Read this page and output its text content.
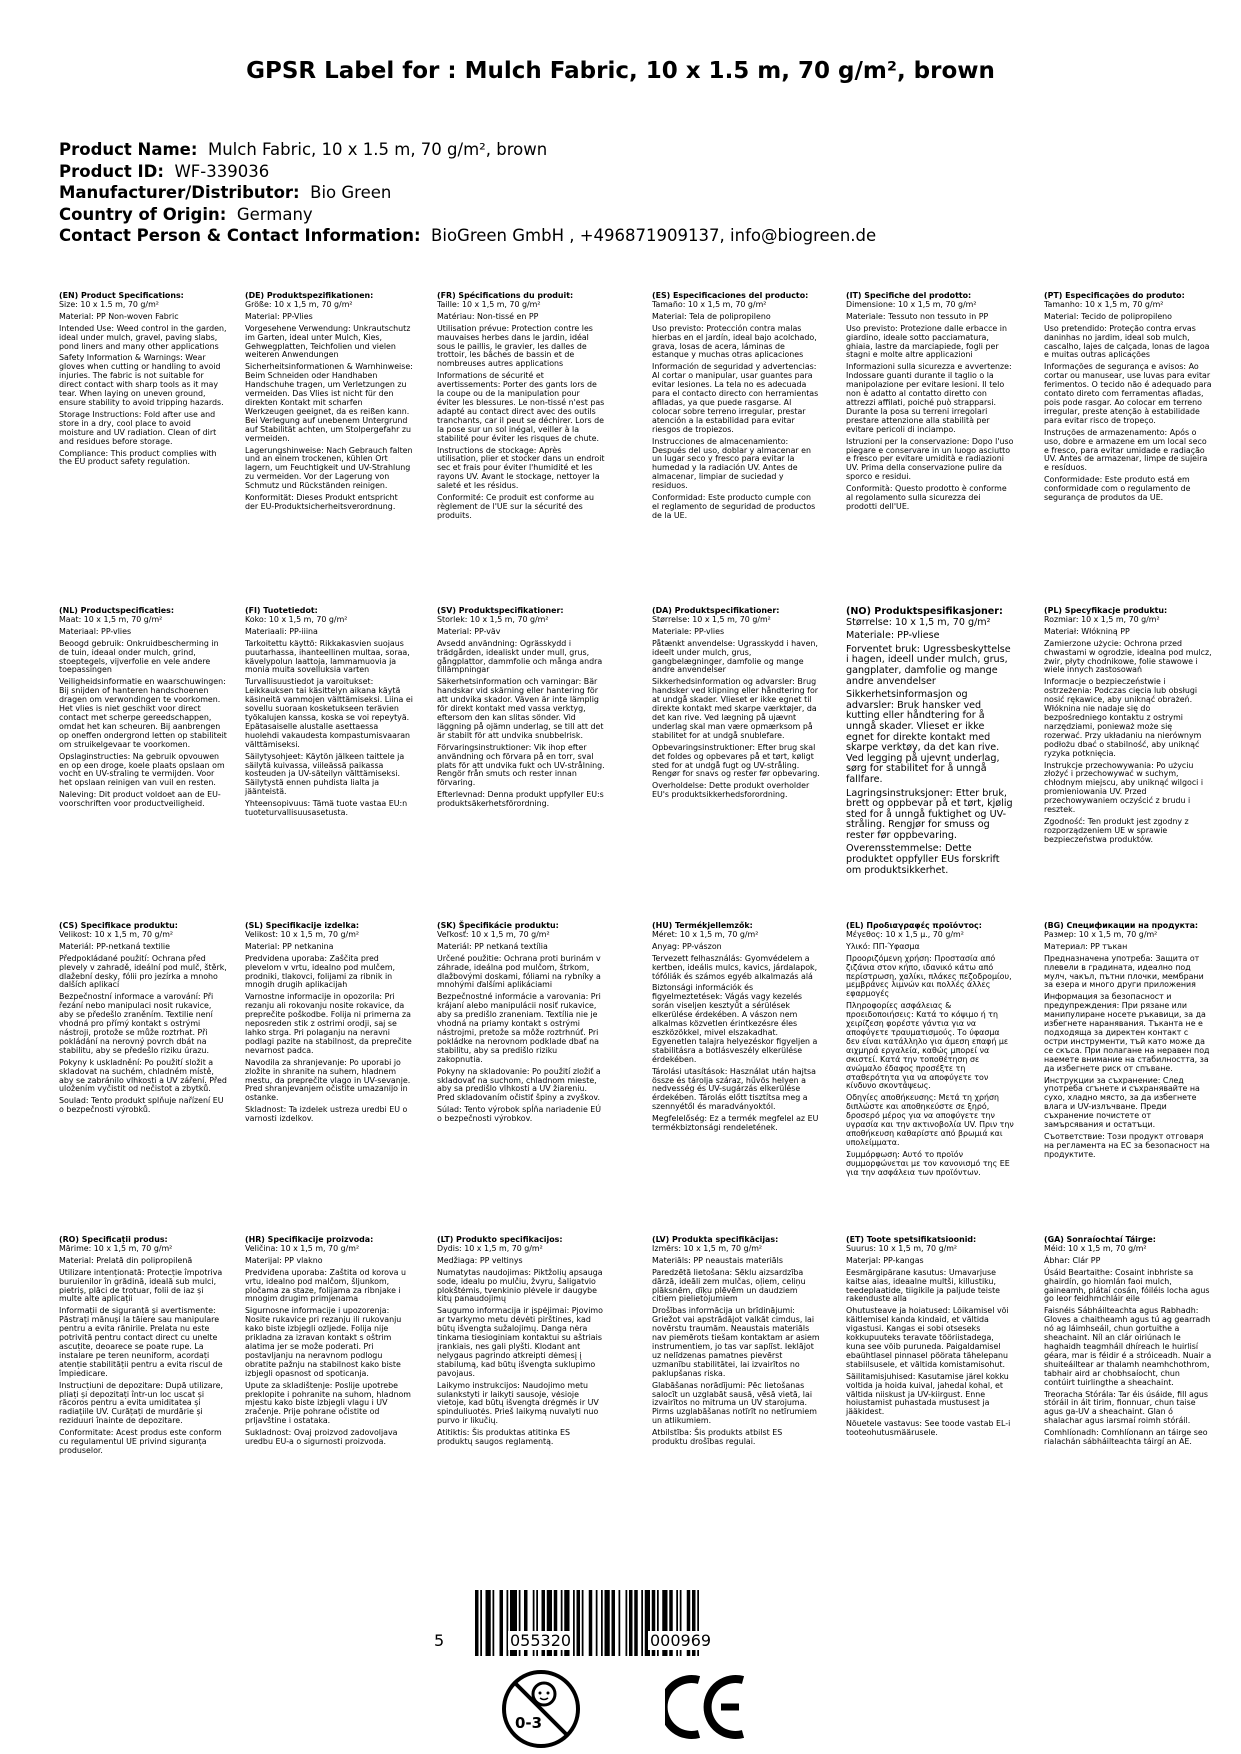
GPSR Label for : Mulch Fabric, 10 x 1.5 m, 70 g/m², brown
Product Name: Mulch Fabric, 10 x 1.5 m, 70 g/m², brown
Product ID: WF-339036
Manufacturer/Distributor: Bio Green
Country of Origin: Germany
Contact Person & Contact Information: BioGreen GmbH , +496871909137, info@biogreen.de

(EN) Product Specifications:

Size: 10 x 1.5 m, 70 g/m²

Material: PP Non-woven Fabric

Intended Use: Weed control in the garden, ideal under mulch, gravel, paving slabs, pond liners and many other applications

Safety Information & Warnings: Wear gloves when cutting or handling to avoid injuries. The fabric is not suitable for direct contact with sharp tools as it may tear. When laying on uneven ground, ensure stability to avoid tripping hazards.

Storage Instructions: Fold after use and store in a dry, cool place to avoid moisture and UV radiation. Clean of dirt and residues before storage.

Compliance: This product complies with the EU product safety regulation.

(DE) Produktspezifikationen:

Größe: 10 x 1,5 m, 70 g/m²

Material: PP-Vlies

Vorgesehene Verwendung: Unkrautschutz im Garten, ideal unter Mulch, Kies, Gehwegplatten, Teichfolien und vielen weiteren Anwendungen

Sicherheitsinformationen & Warnhinweise: Beim Schneiden oder Handhaben Handschuhe tragen, um Verletzungen zu vermeiden. Das Vlies ist nicht für den direkten Kontakt mit scharfen Werkzeugen geeignet, da es reißen kann. Bei Verlegung auf unebenem Untergrund auf Stabilität achten, um Stolpergefahr zu vermeiden.

Lagerungshinweise: Nach Gebrauch falten und an einem trockenen, kühlen Ort lagern, um Feuchtigkeit und UV-Strahlung zu vermeiden. Vor der Lagerung von Schmutz und Rückständen reinigen.

Konformität: Dieses Produkt entspricht der EU-Produktsicherheitsverordnung.

(FR) Spécifications du produit:

Taille: 10 x 1,5 m, 70 g/m²

Matériau: Non-tissé en PP

Utilisation prévue: Protection contre les mauvaises herbes dans le jardin, idéal sous le paillis, le gravier, les dalles de trottoir, les bâches de bassin et de nombreuses autres applications

Informations de sécurité et avertissements: Porter des gants lors de la coupe ou de la manipulation pour éviter les blessures. Le non-tissé n'est pas adapté au contact direct avec des outils tranchants, car il peut se déchirer. Lors de la pose sur un sol inégal, veiller à la stabilité pour éviter les risques de chute.

Instructions de stockage: Après utilisation, plier et stocker dans un endroit sec et frais pour éviter l'humidité et les rayons UV. Avant le stockage, nettoyer la saleté et les résidus.

Conformité: Ce produit est conforme au règlement de l'UE sur la sécurité des produits.

(ES) Especificaciones del producto:

Tamaño: 10 x 1,5 m, 70 g/m²

Material: Tela de polipropileno

Uso previsto: Protección contra malas hierbas en el jardín, ideal bajo acolchado, grava, losas de acera, láminas de estanque y muchas otras aplicaciones

Información de seguridad y advertencias: Al cortar o manipular, usar guantes para evitar lesiones. La tela no es adecuada para el contacto directo con herramientas afiladas, ya que puede rasgarse. Al colocar sobre terreno irregular, prestar atención a la estabilidad para evitar riesgos de tropiezos.

Instrucciones de almacenamiento: Después del uso, doblar y almacenar en un lugar seco y fresco para evitar la humedad y la radiación UV. Antes de almacenar, limpiar de suciedad y residuos.

Conformidad: Este producto cumple con el reglamento de seguridad de productos de la UE.

(IT) Specifiche del prodotto:

Dimensione: 10 x 1,5 m, 70 g/m²

Materiale: Tessuto non tessuto in PP

Uso previsto: Protezione dalle erbacce in giardino, ideale sotto pacciamatura, ghiaia, lastre da marciapiede, fogli per stagni e molte altre applicazioni

Informazioni sulla sicurezza e avvertenze: Indossare guanti durante il taglio o la manipolazione per evitare lesioni. Il telo non è adatto al contatto diretto con attrezzi affilati, poiché può strapparsi. Durante la posa su terreni irregolari prestare attenzione alla stabilità per evitare pericoli di inciampo.

Istruzioni per la conservazione: Dopo l'uso piegare e conservare in un luogo asciutto e fresco per evitare umidità e radiazioni UV. Prima della conservazione pulire da sporco e residui.

Conformità: Questo prodotto è conforme al regolamento sulla sicurezza dei prodotti dell'UE.

(PT) Especificações do produto:

Tamanho: 10 x 1,5 m, 70 g/m²

Material: Tecido de polipropileno

Uso pretendido: Proteção contra ervas daninhas no jardim, ideal sob mulch, cascalho, lajes de calçada, lonas de lagoa e muitas outras aplicações

Informações de segurança e avisos: Ao cortar ou manusear, use luvas para evitar ferimentos. O tecido não é adequado para contato direto com ferramentas afiadas, pois pode rasgar. Ao colocar em terreno irregular, preste atenção à estabilidade para evitar risco de tropeço.

Instruções de armazenamento: Após o uso, dobre e armazene em um local seco e fresco, para evitar umidade e radiação UV. Antes de armazenar, limpe de sujeira e resíduos.

Conformidade: Este produto está em conformidade com o regulamento de segurança de produtos da UE.

(NL) Productspecificaties:

Maat: 10 x 1,5 m, 70 g/m²

Materiaal: PP-vlies

Beoogd gebruik: Onkruidbescherming in de tuin, ideaal onder mulch, grind, stoeptegels, vijverfolie en vele andere toepassingen

Veiligheidsinformatie en waarschuwingen: Bij snijden of hanteren handschoenen dragen om verwondingen te voorkomen. Het vlies is niet geschikt voor direct contact met scherpe gereedschappen, omdat het kan scheuren. Bij aanbrengen op oneffen ondergrond letten op stabiliteit om struikelgevaar te voorkomen.

Opslaginstructies: Na gebruik opvouwen en op een droge, koele plaats opslaan om vocht en UV-straling te vermijden. Voor het opslaan reinigen van vuil en resten.

Naleving: Dit product voldoet aan de EU-voorschriften voor productveiligheid.

(FI) Tuotetiedot:

Koko: 10 x 1,5 m, 70 g/m²

Materiaali: PP-iiina

Tarkoitettu käyttö: Rikkakasvien suojaus puutarhassa, ihanteellinen multaa, soraa, kävelypolun laattoja, lammamuovia ja monia muita sovelluksia varten

Turvallisuustiedot ja varoitukset: Leikkauksen tai käsittelyn aikana käytä käsineitä vammojen välttämiseksi. Liina ei sovellu suoraan kosketukseen terävien työkalujen kanssa, koska se voi repeytyä. Epätasaiselle alustalle asettaessa huolehdi vakaudesta kompastumisvaaran välttämiseksi.

Säilytysohjeet: Käytön jälkeen taittele ja säilytä kuivassa, viileässä paikassa kosteuden ja UV-säteilyn välttämiseksi. Säilytystä ennen puhdista lialta ja jäänteistä.

Yhteensopivuus: Tämä tuote vastaa EU:n tuoteturvallisuusasetusta.

(SV) Produktspecifikationer:

Storlek: 10 x 1,5 m, 70 g/m²

Material: PP-väv

Avsedd användning: Ogräs​skydd i trädgården, idealiskt under mull, grus, gångplattor, dammfolie och många andra tillämpningar

Säkerhetsinformation och varningar: Bär handskar vid skärning eller hantering för att undvika skador. Väven är inte lämplig för direkt kontakt med vassa verktyg, eftersom den kan slitas sönder. Vid läggning på ojämn underlag, se till att det är stabilt för att undvika snubbelrisk.

Förvaringsinstruktioner: Vik ihop efter användning och förvara på en torr, sval plats för att undvika fukt och UV-strålning. Rengör från smuts och rester innan förvaring.

Efterlevnad: Denna produkt uppfyller EU:s produktsäkerhetsförordning.

(DA) Produktspecifikationer:

Størrelse: 10 x 1,5 m, 70 g/m²

Materiale: PP-vlies

Påtænkt anvendelse: Ugrasskydd i haven, ideelt under mulch, grus, gangbelægninger, damfolie og mange andre anvendelser

Sikkerhedsinformation og advarsler: Brug handsker ved klipning eller håndtering for at undgå skader. Vlieset er ikke egnet til direkte kontakt med skarpe værktøjer, da det kan rive. Ved lægning på ujævnt underlag skal man være opmærksom på stabilitet for at undgå snublefare.

Opbevaringsinstruktioner: Efter brug skal det foldes og opbevares på et tørt, køligt sted for at undgå fugt og UV-stråling. Rengør for snavs og rester før opbevaring.

Overholdelse: Dette produkt overholder EU's produktsikkerhedsforordning.

(NO) Produktspesifikasjoner:

Størrelse: 10 x 1,5 m, 70 g/m²

Materiale: PP-vliese

Forventet bruk: Ugressbeskyttelse i hagen, ideell under mulch, grus, gangplater, damfolie og mange andre anvendelser

Sikkerhetsinformasjon og advarsler: Bruk hansker ved kutting eller håndtering for å unngå skader. Vlieset er ikke egnet for direkte kontakt med skarpe verktøy, da det kan rive. Ved legging på ujevnt underlag, sørg for stabilitet for å unngå fallfare.

Lagringsinstruksjoner: Etter bruk, brett og oppbevar på et tørt, kjølig sted for å unngå fuktighet og UV-stråling. Rengjør for smuss og rester før oppbevaring.

Overensstemmelse: Dette produktet oppfyller EUs forskrift om produktsikkerhet.

(PL) Specyfikacje produktu:

Rozmiar: 10 x 1,5 m, 70 g/m²

Materiał: Włókniną PP

Zamierzone użycie: Ochrona przed chwastami w ogrodzie, idealna pod mulcz, żwir, płyty chodnikowe, folie stawowe i wiele innych zastosowań

Informacje o bezpieczeństwie i ostrzeżenia: Podczas cięcia lub obsługi nosić rękawice, aby uniknąć obrażeń. Włóknina nie nadaje się do bezpośredniego kontaktu z ostrymi narzędziami, ponieważ może się rozerwać. Przy układaniu na nierównym podłożu dbać o stabilność, aby uniknąć ryzyka potknięcia.

Instrukcje przechowywania: Po użyciu złożyć i przechowywać w suchym, chłodnym miejscu, aby uniknąć wilgoci i promieniowania UV. Przed przechowywaniem oczyścić z brudu i resztek.

Zgodność: Ten produkt jest zgodny z rozporządzeniem UE w sprawie bezpieczeństwa produktów.

(CS) Specifikace produktu:

Velikost: 10 x 1,5 m, 70 g/m²

Materiál: PP-netkaná textilie

Předpokládané použití: Ochrana před plevely v zahradě, ideální pod mulč, štěrk, dlažební desky, fólii pro jezírka a mnoho dalších aplikací

Bezpečnostní informace a varování: Při řezání nebo manipulaci nosit rukavice, aby se předešlo zraněním. Textilie není vhodná pro přímý kontakt s ostrými nástroji, protože se může roztrhat. Při pokládání na nerovný povrch dbát na stabilitu, aby se předešlo riziku úrazu.

Pokyny k uskladnění: Po použití složit a skladovat na suchém, chladném místě, aby se zabránilo vlhkosti a UV záření. Před uložením vyčistit od nečistot a zbytků.

Soulad: Tento produkt splňuje nařízení EU o bezpečnosti výrobků.

(SL) Specifikacije izdelka:

Velikost: 10 x 1,5 m, 70 g/m²

Material: PP netkanina

Predvidena uporaba: Zaščita pred plevelom v vrtu, idealno pod mulčem, prodniki, tlakovci, folijami za ribnik in mnogih drugih aplikacijah

Varnostne informacije in opozorila: Pri rezanju ali rokovanju nosite rokavice, da preprečite poškodbe. Folija ni primerna za neposreden stik z ostrimi orodji, saj se lahko strga. Pri polaganju na neravni podlagi pazite na stabilnost, da preprečite nevarnost padca.

Navodila za shranjevanje: Po uporabi jo zložite in shranite na suhem, hladnem mestu, da preprečite vlago in UV-sevanje. Pred shranjevanjem očistite umazanijo in ostanke.

Skladnost: Ta izdelek ustreza uredbi EU o varnosti izdelkov.

(SK) Špecifikácie produktu:

Veľkosť: 10 x 1,5 m, 70 g/m²

Materiál: PP netkaná textília

Určené použitie: Ochrana proti burinám v záhrade, ideálna pod mulčom, štrkom, dlažbovými doskami, fóliami na rybníky a mnohými ďalšími aplikáciami

Bezpečnostné informácie a varovania: Pri krájaní alebo manipulácii nosiť rukavice, aby sa predišlo zraneniam. Textília nie je vhodná na priamy kontakt s ostrými nástrojmi, pretože sa môže roztrhnúť. Pri pokládke na nerovnom podklade dbať na stabilitu, aby sa predišlo riziku zakopnutia.

Pokyny na skladovanie: Po použití zložiť a skladovať na suchom, chladnom mieste, aby sa predišlo vlhkosti a UV žiareniu. Pred skladovaním očistiť špiny a zvyškov.

Súlad: Tento výrobok spĺňa nariadenie EÚ o bezpečnosti výrobkov.

(HU) Termékjellemzők:

Méret: 10 x 1,5 m, 70 g/m²

Anyag: PP-vászon

Tervezett felhasználás: Gyomvédelem a kertben, ideális mulcs, kavics, járdalapok, tófóliák és számos egyéb alkalmazás alá

Biztonsági információk és figyelmeztetések: Vágás vagy kezelés során viseljen kesztyűt a sérülések elkerülése érdekében. A vászon nem alkalmas közvetlen érintkezésre éles eszközökkel, mivel elszakadhat. Egyenetlen talajra helyezéskor figyeljen a stabilitásra a botlásveszély elkerülése érdekében.

Tárolási utasítások: Használat után hajtsa össze és tárolja száraz, hűvös helyen a nedvesség és UV-sugárzás elkerülése érdekében. Tárolás előtt tisztítsa meg a szennyétől és maradványoktól.

Megfelelőség: Ez a termék megfelel az EU termékbiztonsági rendeletének.

(EL) Προδιαγραφές προϊόντος:

Μέγεθος: 10 x 1,5 μ., 70 g/m²

Υλικό: ΠΠ-Ύφασμα

Προοριζόμενη χρήση: Προστασία από ζιζάνια στον κήπο, ιδανικό κάτω από περίστρωση, χαλίκι, πλάκες πεζοδρομίου, μεμβράνες λιμνών και πολλές άλλες εφαρμογές

Πληροφορίες ασφάλειας & προειδοποιήσεις: Κατά το κόψιμο ή τη χειρίζεση φορέστε γάντια για να αποφύγετε τραυματισμούς. Το ύφασμα δεν είναι κατάλληλο για άμεση επαφή με αιχμηρά εργαλεία, καθώς μπορεί να σκιστεί. Κατά την τοποθέτηση σε ανώμαλο έδαφος προσέξτε τη σταθερότητα για να αποφύγετε τον κίνδυνο σκοντάψεως.

Οδηγίες αποθήκευσης: Μετά τη χρήση διπλώστε και αποθηκεύστε σε ξηρό, δροσερό μέρος για να αποφύγετε την υγρασία και την ακτινοβολία UV. Πριν την αποθήκευση καθαρίστε από βρωμιά και υπολείμματα.

Συμμόρφωση: Αυτό το προϊόν συμμορφώνεται με τον κανονισμό της ΕΕ για την ασφάλεια των προϊόντων.

(BG) Спецификации на продукта:

Размер: 10 x 1,5 m, 70 g/m²

Материал: PP тъкан

Предназначена употреба: Защита от плевели в градината, идеално под мулч, чакъл, пътни плочки, мембрани за езера и много други приложения

Информация за безопасност и предупреждения: При рязане или манипулиране носете ръкавици, за да избегнете наранявания. Тъканта не е подходяща за директен контакт с остри инструменти, тъй като може да се скъса. При полагане на неравен под наемете внимание на стабилността, за да избегнете риск от спъване.

Инструкции за съхранение: След употреба сгънете и съхранявайте на сухо, хладно място, за да избегнете влага и UV-излъчване. Преди съхранение почистете от замърсявания и остатъци.

Съответствие: Този продукт отговаря на регламента на ЕС за безопасност на продуктите.

(RO) Specificații produs:

Mărime: 10 x 1,5 m, 70 g/m²

Material: Prelată din polipropilenă

Utilizare intenționată: Protecție împotriva buruienilor în grădină, ideală sub mulci, pietriș, plăci de trotuar, folii de iaz și multe alte aplicații

Informații de siguranță și avertismente: Păstrați mănuși la tăiere sau manipulare pentru a evita rănirile. Prelata nu este potrivită pentru contact direct cu unelte ascuțite, deoarece se poate rupe. La instalare pe teren neuniform, acordați atenție stabilității pentru a evita riscul de împiedicare.

Instrucțiuni de depozitare: După utilizare, pliați și depozitați într-un loc uscat și răcoros pentru a evita umiditatea și radiațiile UV. Curățați de murdărie și reziduuri înainte de depozitare.

Conformitate: Acest produs este conform cu regulamentul UE privind siguranța produselor.

(HR) Specifikacije proizvoda:

Veličina: 10 x 1,5 m, 70 g/m²

Materijal: PP vlakno

Predviđena uporaba: Zaštita od korova u vrtu, idealno pod malčom, šljunkom, pločama za staze, folijama za ribnjake i mnogim drugim primjenama

Sigurnosne informacije i upozorenja: Nosite rukavice pri rezanju ili rukovanju kako biste izbjegli ozljede. Folija nije prikladna za izravan kontakt s oštrim alatima jer se može poderati. Pri postavljanju na neravnom podlogu obratite pažnju na stabilnost kako biste izbjegli opasnost od spoticanja.

Upute za skladištenje: Poslije upotrebe preklopite i pohranite na suhom, hladnom mjestu kako biste izbjegli vlagu i UV zračenje. Prije pohrane očistite od prljavštine i ostataka.

Sukladnost: Ovaj proizvod zadovoljava uredbu EU-a o sigurnosti proizvoda.

(LT) Produkto specifikacijos:

Dydis: 10 x 1,5 m, 70 g/m²

Medžiaga: PP veltinys

Numatytas naudojimas: Piktžolių apsauga sode, idealu po mulčiu, žvyru, šaligatvio plokštėmis, tvenkinio plėvele ir daugybe kitų panaudojimų

Saugumo informacija ir įspėjimai: Pjovimo ar tvarkymo metu dėvėti pirštines, kad būtų išvengta sužalojimų. Danga nėra tinkama tiesioginiam kontaktui su aštriais įrankiais, nes gali plyšti. Klodant ant nelygaus pagrindo atkreipti dėmesį į stabilumą, kad būtų išvengta suklupimo pavojaus.

Laikymo instrukcijos: Naudojimo metu sulankstyti ir laikyti sausoje, vėsioje vietoje, kad būtų išvengta drėgmės ir UV spinduliuotės. Prieš laikymą nuvalyti nuo purvo ir likučių.

Atitiktis: Šis produktas atitinka ES produktų saugos reglamentą.

(LV) Produkta specifikācijas:

Izmērs: 10 x 1,5 m, 70 g/m²

Materiāls: PP neaustais materiāls

Paredzētā lietošana: Sēklu aizsardzība dārzā, ideāli zem mulčas, oļiem, celiņu plāksnēm, dīķu plēvēm un daudziem citiem pielietojumiem

Drošības informācija un brīdinājumi: Griežot vai apstrādājot valkāt cimdus, lai novērstu traumām. Neaustais materiāls nav piemērots tiešam kontaktam ar asiem instrumentiem, jo tas var saplīst. Ieklājot uz nelīdzenas pamatnes pievērst uzmanību stabilitātei, lai izvairītos no paklupšanas riska.

Glabāšanas norādījumi: Pēc lietošanas salocīt un uzglabāt sausā, vēsā vietā, lai izvairītos no mitruma un UV starojuma. Pirms uzglabāšanas notīrīt no netīrumiem un atlikumiem.

Atbilstība: Šis produkts atbilst ES produktu drošības regulai.

(ET) Toote spetsifikatsioonid:

Suurus: 10 x 1,5 m, 70 g/m²

Materjal: PP-kangas

Eesmärgipärane kasutus: Umavarjuse kaitse aias, ideaalne multši, killustiku, teedeplaatide, tiigikile ja paljude teiste rakenduste alla

Ohutusteave ja hoiatused: Lõikamisel või käitlemisel kanda kindaid, et vältida vigastusi. Kangas ei sobi otseseks kokkupuuteks teravate tööriistadega, kuna see võib puruneda. Paigaldamisel ebaühtlasel pinnasel pöörata tähelepanu stabiilsusele, et vältida komistamisohut.

Säilitamisjuhised: Kasutamise järel kokku voltida ja hoida kuival, jahedal kohal, et vältida niiskust ja UV-kiirgust. Enne hoiustamist puhastada mustusest ja jääkidest.

Nõuetele vastavus: See toode vastab EL-i tooteohutusmäärusele.

(GA) Sonraíochtaí Táirge:

Méid: 10 x 1,5 m, 70 g/m²

Ábhar: Clár PP

Úsáid Beartaithe: Cosaint inbhriste sa ghairdín, go hiomlán faoi mulch, gaineamh, plátaí cosán, fóiléis locha agus go leor feidhmchláir eile

Faisnéis Sábháilteachta agus Rabhadh: Gloves a chaitheamh agus tú ag gearradh nó ag láimhseáil, chun gortuithe a sheachaint. Níl an clár oiriúnach le haghaidh teagmháil dhíreach le huirlisí géara, mar is féidir é a stróiceadh. Nuair a shuiteáiltear ar thalamh neamhchothrom, tabhair aird ar chobhsaíocht, chun contúirt tuirlingthe a sheachaint.

Treoracha Stórála: Tar éis úsáide, fill agus stóráil in áit tirim, fionnuar, chun taise agus ga-UV a sheachaint. Glan ó shalachar agus iarsmaí roimh stóráil.

Comhlíonadh: Comhlíonann an táirge seo rialachán sábháilteachta táirgí an AE.

5	055320	000969
0-3
